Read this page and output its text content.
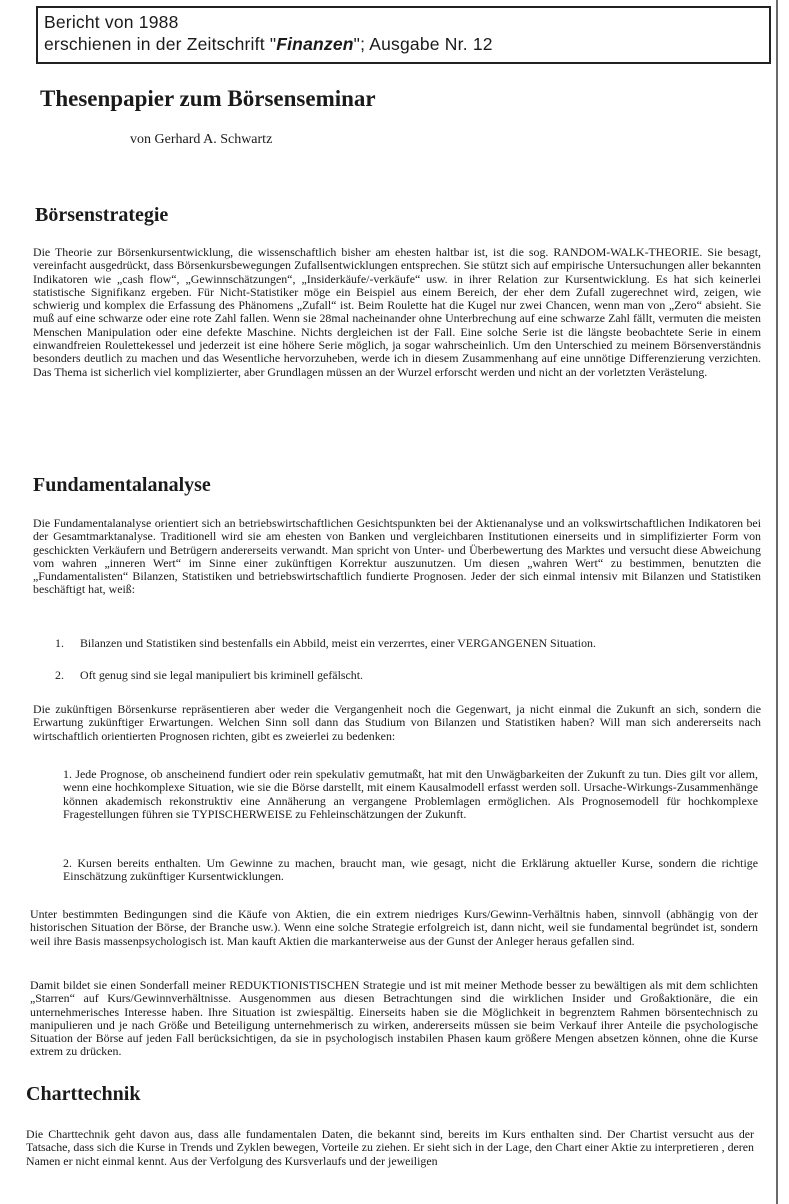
Bericht von 1988
erschienen in der Zeitschrift "Finanzen"; Ausgabe Nr. 12
Thesenpapier zum Börsenseminar
von Gerhard A. Schwartz
Börsenstrategie

Die Theorie zur Börsenkursentwicklung, die wissenschaftlich bisher am ehesten haltbar ist, ist die sog. RANDOM-WALK-THEORIE. Sie besagt, vereinfacht ausgedrückt, dass Börsenkursbewegungen Zufallsentwicklungen entsprechen. Sie stützt sich auf empirische Untersuchungen aller bekannten Indikatoren wie „cash flow“, „Gewinnschätzungen“, „Insiderkäufe/-verkäufe“ usw. in ihrer Relation zur Kursentwicklung. Es hat sich keinerlei statistische Signifikanz ergeben. Für Nicht-Statistiker möge ein Beispiel aus einem Bereich, der eher dem Zufall zugerechnet wird, zeigen, wie schwierig und komplex die Erfassung des Phänomens „Zufall“ ist. Beim Roulette hat die Kugel nur zwei Chancen, wenn man von „Zero“ absieht. Sie muß auf eine schwarze oder eine rote Zahl fallen. Wenn sie 28mal nacheinander ohne Unterbrechung auf eine schwarze Zahl fällt, vermuten die meisten Menschen Manipulation oder eine defekte Maschine. Nichts dergleichen ist der Fall. Eine solche Serie ist die längste beobachtete Serie in einem einwandfreien Roulettekessel und jederzeit ist eine höhere Serie möglich, ja sogar wahrscheinlich. Um den Unterschied zu meinem Börsenverständnis besonders deutlich zu machen und das Wesentliche hervorzuheben, werde ich in diesem Zusammenhang auf eine unnötige Differenzierung verzichten. Das Thema ist sicherlich viel komplizierter, aber Grundlagen müssen an der Wurzel erforscht werden und nicht an der vorletzten Verästelung.

Fundamentalanalyse

Die Fundamentalanalyse orientiert sich an betriebswirtschaftlichen Gesichtspunkten bei der Aktienanalyse und an volkswirtschaftlichen Indikatoren bei der Gesamtmarktanalyse. Traditionell wird sie am ehesten von Banken und vergleichbaren Institutionen einerseits und in simplifizierter Form von geschickten Verkäufern und Betrügern andererseits verwandt. Man spricht von Unter- und Überbewertung des Marktes und versucht diese Abweichung vom wahren „inneren Wert“ im Sinne einer zukünftigen Korrektur auszunutzen. Um diesen „wahren Wert“ zu bestimmen, benutzten die „Fundamentalisten“ Bilanzen, Statistiken und betriebswirtschaftlich fundierte Prognosen. Jeder der sich einmal intensiv mit Bilanzen und Statistiken beschäftigt hat, weiß:

1. Bilanzen und Statistiken sind bestenfalls ein Abbild, meist ein verzerrtes, einer VERGANGENEN Situation.
2. Oft genug sind sie legal manipuliert bis kriminell gefälscht.

Die zukünftigen Börsenkurse repräsentieren aber weder die Vergangenheit noch die Gegenwart, ja nicht einmal die Zukunft an sich, sondern die Erwartung zukünftiger Erwartungen. Welchen Sinn soll dann das Studium von Bilanzen und Statistiken haben? Will man sich andererseits nach wirtschaftlich orientierten Prognosen richten, gibt es zweierlei zu bedenken:

1. Jede Prognose, ob anscheinend fundiert oder rein spekulativ gemutmaßt, hat mit den Unwägbarkeiten der Zukunft zu tun. Dies gilt vor allem, wenn eine hochkomplexe Situation, wie sie die Börse darstellt, mit einem Kausalmodell erfasst werden soll. Ursache-Wirkungs-Zusammenhänge können akademisch rekonstruktiv eine Annäherung an vergangene Problemlagen ermöglichen. Als Prognosemodell für hochkomplexe Fragestellungen führen sie TYPISCHERWEISE zu Fehleinschätzungen der Zukunft.

2. Kursen bereits enthalten. Um Gewinne zu machen, braucht man, wie gesagt, nicht die Erklärung aktueller Kurse, sondern die richtige Einschätzung zukünftiger Kursentwicklungen.

Unter bestimmten Bedingungen sind die Käufe von Aktien, die ein extrem niedriges Kurs/Gewinn-Verhältnis haben, sinnvoll (abhängig von der historischen Situation der Börse, der Branche usw.). Wenn eine solche Strategie erfolgreich ist, dann nicht, weil sie fundamental begründet ist, sondern weil ihre Basis massenpsychologisch ist. Man kauft Aktien die markanterweise aus der Gunst der Anleger heraus gefallen sind.

Damit bildet sie einen Sonderfall meiner REDUKTIONISTISCHEN Strategie und ist mit meiner Methode besser zu bewältigen als mit dem schlichten „Starren“ auf Kurs/Gewinnverhältnisse. Ausgenommen aus diesen Betrachtungen sind die wirklichen Insider und Großaktionäre, die ein unternehmerisches Interesse haben. Ihre Situation ist zwiespältig. Einerseits haben sie die Möglichkeit in begrenztem Rahmen börsentechnisch zu manipulieren und je nach Größe und Beteiligung unternehmerisch zu wirken, andererseits müssen sie beim Verkauf ihrer Anteile die psychologische Situation der Börse auf jeden Fall berücksichtigen, da sie in psychologisch instabilen Phasen kaum größere Mengen absetzen können, ohne die Kurse extrem zu drücken.

Charttechnik

Die Charttechnik geht davon aus, dass alle fundamentalen Daten, die bekannt sind, bereits im Kurs enthalten sind. Der Chartist versucht aus der Tatsache, dass sich die Kurse in Trends und Zyklen bewegen, Vorteile zu ziehen. Er sieht sich in der Lage, den Chart einer Aktie zu interpretieren , deren Namen er nicht einmal kennt. Aus der Verfolgung des Kursverlaufs und der jeweiligen
